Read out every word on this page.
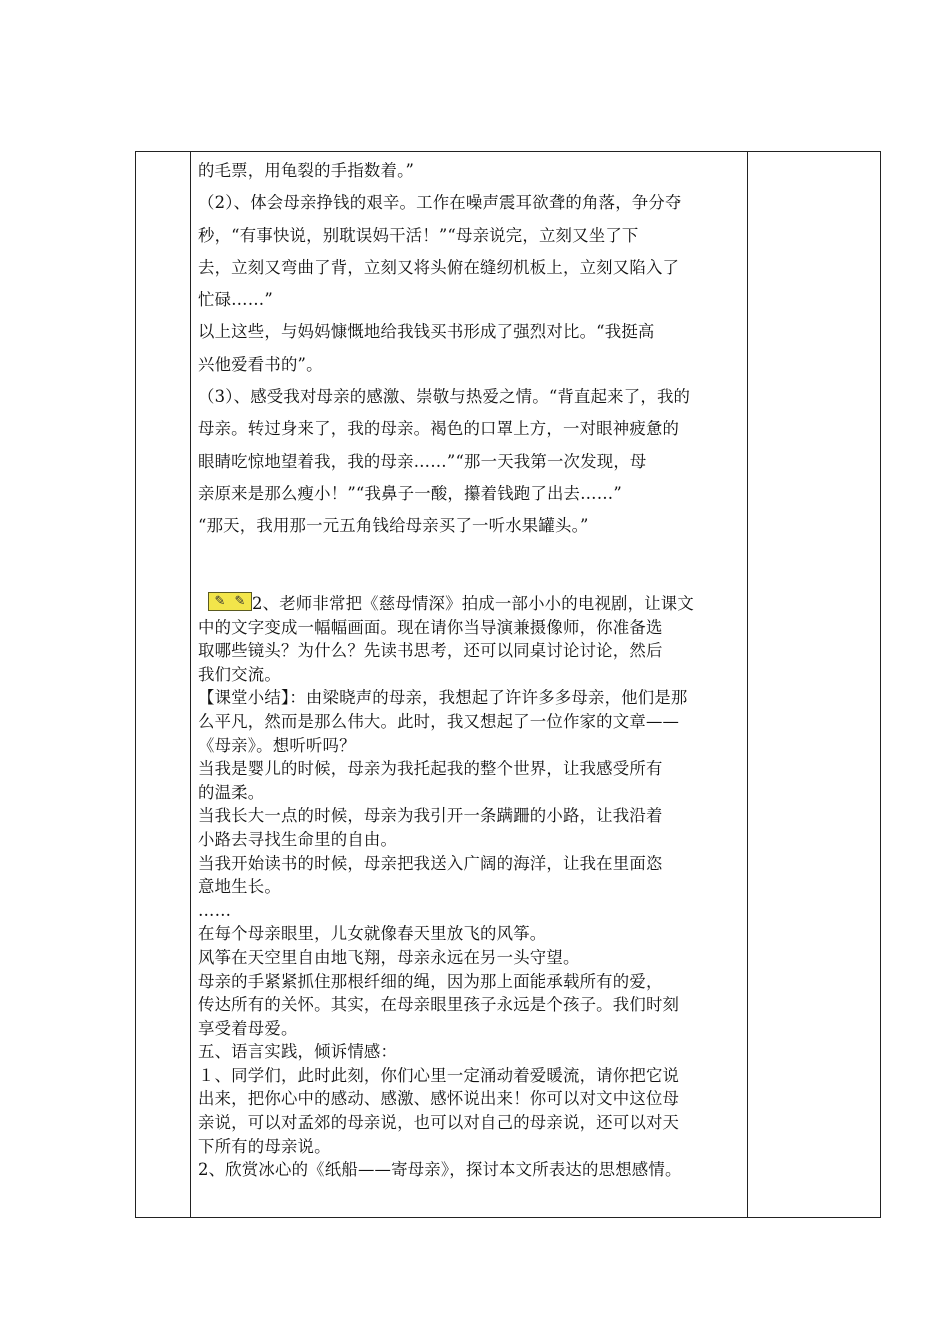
的毛票，用龟裂的手指数着。”

（2）、体会母亲挣钱的艰辛。工作在噪声震耳欲聋的角落，争分夺

秒，“有事快说，别耽误妈干活！”“母亲说完，立刻又坐了下

去，立刻又弯曲了背，立刻又将头俯在缝纫机板上，立刻又陷入了

忙碌……”

以上这些，与妈妈慷慨地给我钱买书形成了强烈对比。“我挺高

兴他爱看书的”。

（3）、感受我对母亲的感激、崇敬与热爱之情。“背直起来了，我的

母亲。转过身来了，我的母亲。褐色的口罩上方，一对眼神疲惫的

眼睛吃惊地望着我，我的母亲……”“那一天我第一次发现，母

亲原来是那么瘦小！”“我鼻子一酸，攥着钱跑了出去……”

“那天，我用那一元五角钱给母亲买了一听水果罐头。”

✎ ✎ 2、老师非常把《慈母情深》拍成一部小小的电视剧，让课文

中的文字变成一幅幅画面。现在请你当导演兼摄像师，你准备选

取哪些镜头？为什么？先读书思考，还可以同桌讨论讨论，然后

我们交流。

【课堂小结】：由梁晓声的母亲，我想起了许许多多母亲，他们是那

么平凡，然而是那么伟大。此时，我又想起了一位作家的文章——

《母亲》。想听听吗？

当我是婴儿的时候，母亲为我托起我的整个世界，让我感受所有

的温柔。

当我长大一点的时候，母亲为我引开一条蹒跚的小路，让我沿着

小路去寻找生命里的自由。

当我开始读书的时候，母亲把我送入广阔的海洋，让我在里面恣

意地生长。

……

在每个母亲眼里，儿女就像春天里放飞的风筝。

风筝在天空里自由地飞翔，母亲永远在另一头守望。

母亲的手紧紧抓住那根纤细的绳，因为那上面能承载所有的爱，

传达所有的关怀。其实，在母亲眼里孩子永远是个孩子。我们时刻

享受着母爱。

五、语言实践，倾诉情感：

１、同学们，此时此刻，你们心里一定涌动着爱暖流，请你把它说

出来，把你心中的感动、感激、感怀说出来！你可以对文中这位母

亲说，可以对孟郊的母亲说，也可以对自己的母亲说，还可以对天

下所有的母亲说。

2、欣赏冰心的《纸船——寄母亲》，探讨本文所表达的思想感情。
